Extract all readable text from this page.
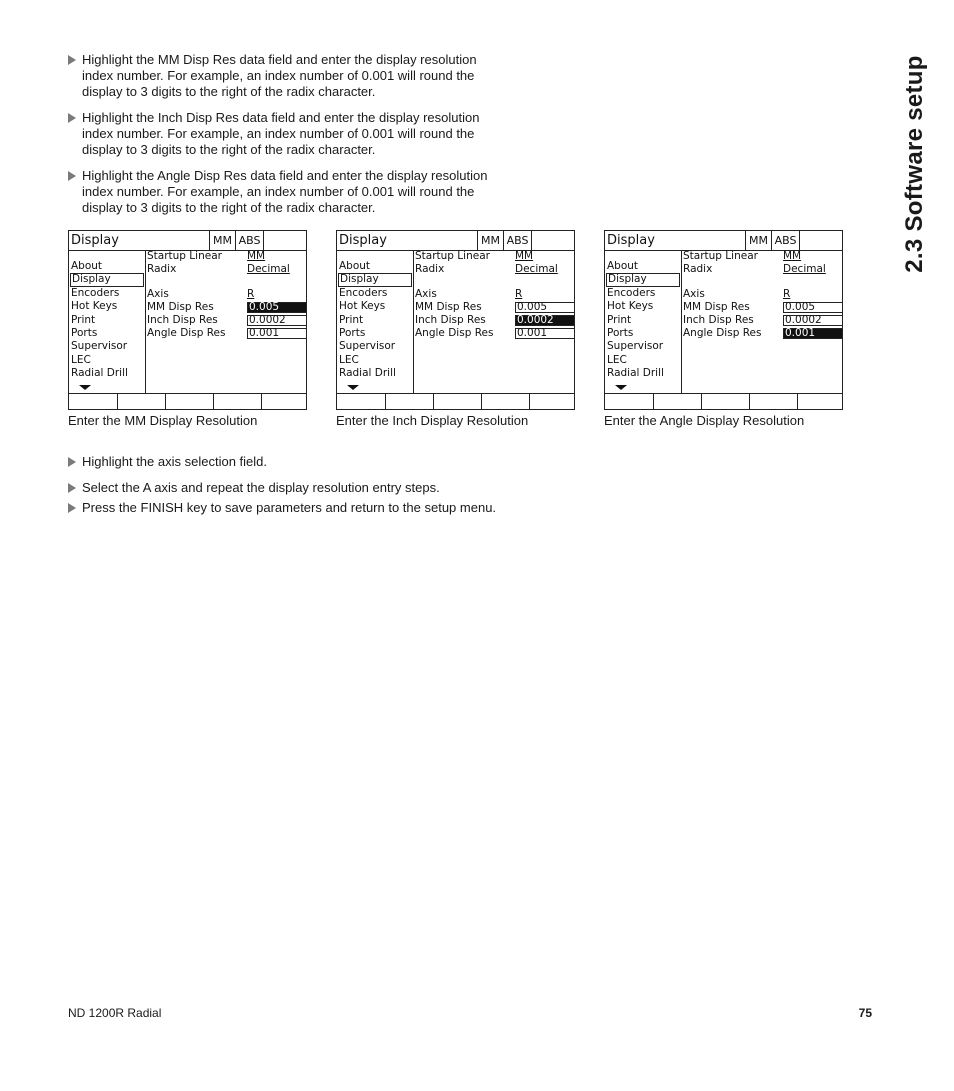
2.3 Software setup

Highlight the MM Disp Res data field and enter the display resolution index number. For example, an index number of 0.001 will round the display to 3 digits to the right of the radix character.

Highlight the Inch Disp Res data field and enter the display resolution index number. For example, an index number of 0.001 will round the display to 3 digits to the right of the radix character.

Highlight the Angle Disp Res data field and enter the display resolution index number. For example, an index number of 0.001 will round the display to 3 digits to the right of the radix character.

Display	MM ABS
About
Display
Encoders
Hot Keys
Print
Ports
Supervisor
LEC
Radial Drill
Startup Linear MM
Radix	Decimal
Axis	R
MM Disp Res	0.005
Inch Disp Res	0.0002
Angle Disp Res 0.001
Enter the MM Display Resolution
Display	MM ABS
About
Display
Encoders
Hot Keys
Print
Ports
Supervisor
LEC
Radial Drill
Startup Linear MM
Radix	Decimal
Axis	R
MM Disp Res	0.005
Inch Disp Res	0.0002
Angle Disp Res 0.001
Enter the Inch Display Resolution
Display	MM ABS
About
Display
Encoders
Hot Keys
Print
Ports
Supervisor
LEC
Radial Drill
Startup Linear MM
Radix	Decimal
Axis	R
MM Disp Res	0.005
Inch Disp Res	0.0002
Angle Disp Res 0.001
Enter the Angle Display Resolution

Highlight the axis selection field.

Select the A axis and repeat the display resolution entry steps.

Press the FINISH key to save parameters and return to the setup menu.

ND 1200R Radial	75
